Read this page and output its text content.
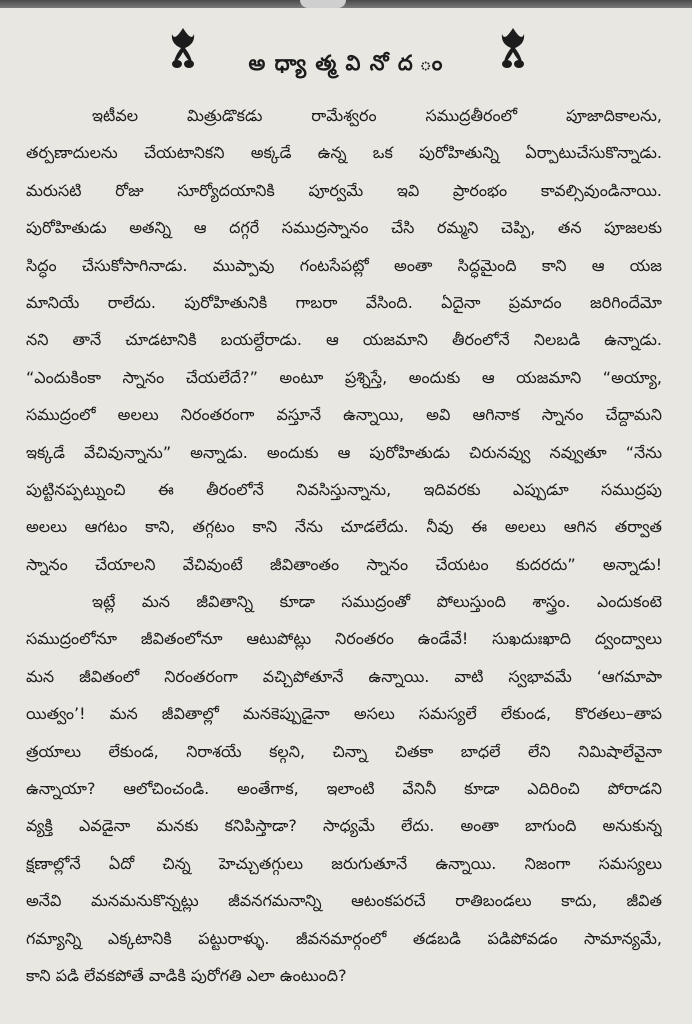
అ ధ్యా త్మ వి నో ద ం
ఇటీవల మిత్రుడొకడు రామేశ్వరం సముద్రతీరంలో పూజాదికాలను,
తర్పణాదులను చేయటానికని అక్కడే ఉన్న ఒక పురోహితున్ని ఏర్పాటుచేసుకొన్నాడు.
మరుసటి రోజు సూర్యోదయానికి పూర్వమే ఇవి ప్రారంభం కావల్సివుండినాయి.
పురోహితుడు అతన్ని ఆ దగ్గరే సముద్రస్నానం చేసి రమ్మని చెప్పి, తన పూజలకు
సిద్ధం చేసుకోసాగినాడు. ముప్పావు గంటసేపట్లో అంతా సిద్ధమైంది కాని ఆ యజ
మానియే రాలేదు. పురోహితునికి గాబరా వేసింది. ఏదైనా ప్రమాదం జరిగిందేమో
నని తానే చూడటానికి బయల్దేరాడు. ఆ యజమాని తీరంలోనే నిలబడి ఉన్నాడు.
“ఎందుకింకా స్నానం చేయలేదే?” అంటూ ప్రశ్నిస్తే, అందుకు ఆ యజమాని “అయ్యా,
సముద్రంలో అలలు నిరంతరంగా వస్తూనే ఉన్నాయి, అవి ఆగినాక స్నానం చేద్దామని
ఇక్కడే వేచివున్నాను” అన్నాడు. అందుకు ఆ పురోహితుడు చిరునవ్వు నవ్వుతూ “నేను
పుట్టినప్పట్నుంచి ఈ తీరంలోనే నివసిస్తున్నాను, ఇదివరకు ఎప్పుడూ సముద్రపు
అలలు ఆగటం కాని, తగ్గటం కాని నేను చూడలేదు. నీవు ఈ అలలు ఆగిన తర్వాత
స్నానం చేయాలని వేచివుంటే జీవితాంతం స్నానం చేయటం కుదరదు” అన్నాడు!
ఇట్లే మన జీవితాన్ని కూడా సముద్రంతో పోలుస్తుంది శాస్త్రం. ఎందుకంటె
సముద్రంలోనూ జీవితంలోనూ ఆటుపోట్లు నిరంతరం ఉండేవే! సుఖదుఃఖాది ద్వంద్వాలు
మన జీవితంలో నిరంతరంగా వచ్చిపోతూనే ఉన్నాయి. వాటి స్వభావమే ‘ఆగమాపా
యిత్వం’! మన జీవితాల్లో మనకెప్పుడైనా అసలు సమస్యలే లేకుండ, కొరతలు–తాప
త్రయాలు లేకుండ, నిరాశయే కల్గని, చిన్నా చితకా బాధలే లేని నిమిషాలేవైనా
ఉన్నాయా? ఆలోచించండి. అంతేగాక, ఇలాంటి వేనినీ కూడా ఎదిరించి పోరాడని
వ్యక్తి ఎవడైనా మనకు కనిపిస్తాడా? సాధ్యమే లేదు. అంతా బాగుంది అనుకున్న
క్షణాల్లోనే ఏదో చిన్న హెచ్చుతగ్గులు జరుగుతూనే ఉన్నాయి. నిజంగా సమస్యలు
అనేవి మనమనుకొన్నట్లు జీవనగమనాన్ని ఆటంకపరచే రాతిబండలు కాదు, జీవిత
గమ్యాన్ని ఎక్కటానికి పట్టురాళ్ళు. జీవనమార్గంలో తడబడి పడిపోవడం సామాన్యమే,
కాని పడి లేవకపోతే వాడికి పురోగతి ఎలా ఉంటుంది?
